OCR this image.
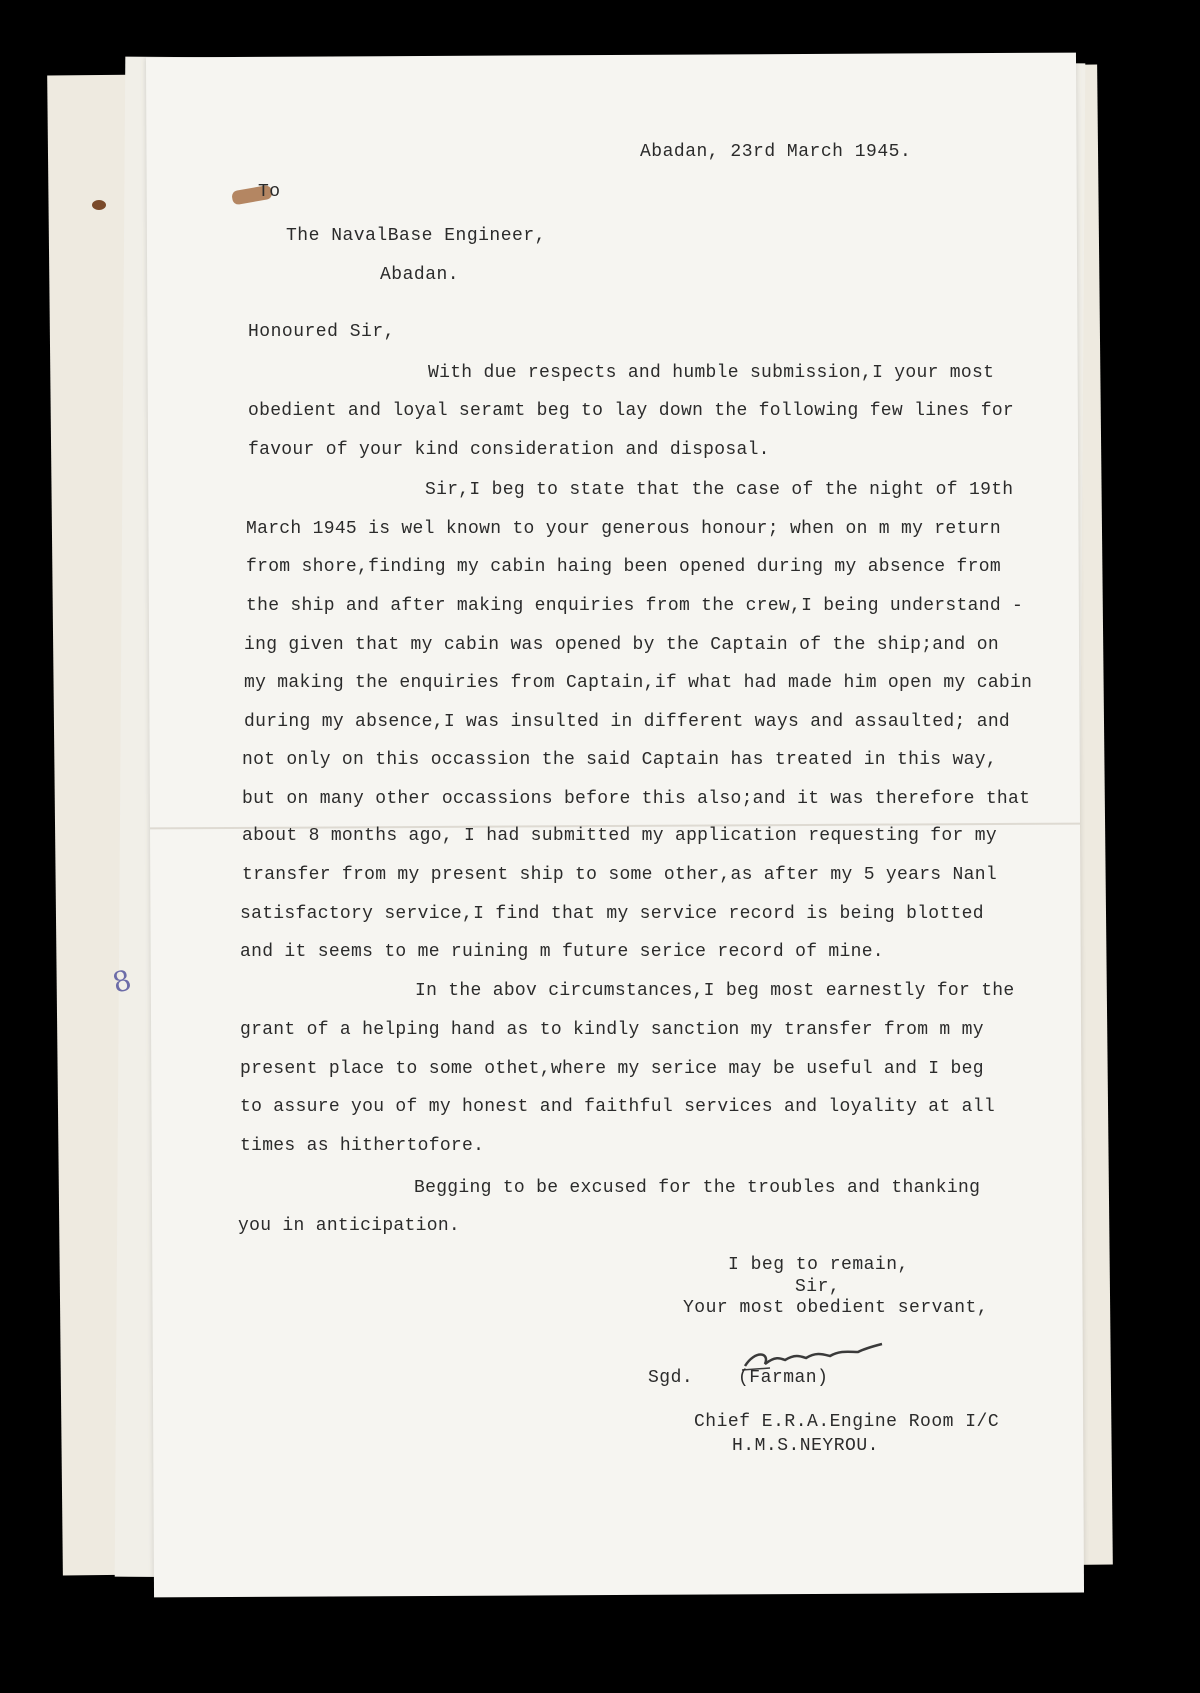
8
Abadan, 23rd March 1945.
To
The NavalBase Engineer,
Abadan.
Honoured Sir,
With due respects and humble submission,I your most
obedient and loyal seramt beg to lay down the following few lines for
favour of your kind consideration and disposal.
Sir,I beg to state that the case of the night of 19th
March 1945 is wel known to your generous honour; when on m my return
from shore,finding my cabin haing been opened during my absence from
the ship and after making enquiries from the crew,I being understand -
ing given that my cabin was opened by the Captain of the ship;and on
my making the enquiries from Captain,if what had made him open my cabin
during my absence,I was insulted in different ways and assaulted; and
not only on this occassion the said Captain has treated in this way,
but on many other occassions before this also;and it was therefore that
about 8 months ago, I had submitted my application requesting for my
transfer from my present ship to some other,as after my 5 years Nanl
satisfactory service,I find that my service record is being blotted
and it seems to me ruining m future serice record of mine.
In the abov circumstances,I beg most earnestly for the
grant of a helping hand as to kindly sanction my transfer from m my
present place to some othet,where my serice may be useful and I beg
to assure you of my honest and faithful services and loyality at all
times as hithertofore.
Begging to be excused for the troubles and thanking
you in anticipation.
I beg to remain,
Sir,
Your most obedient servant,
Sgd. (Farman)
Chief E.R.A.Engine Room I/C
H.M.S.NEYROU.
